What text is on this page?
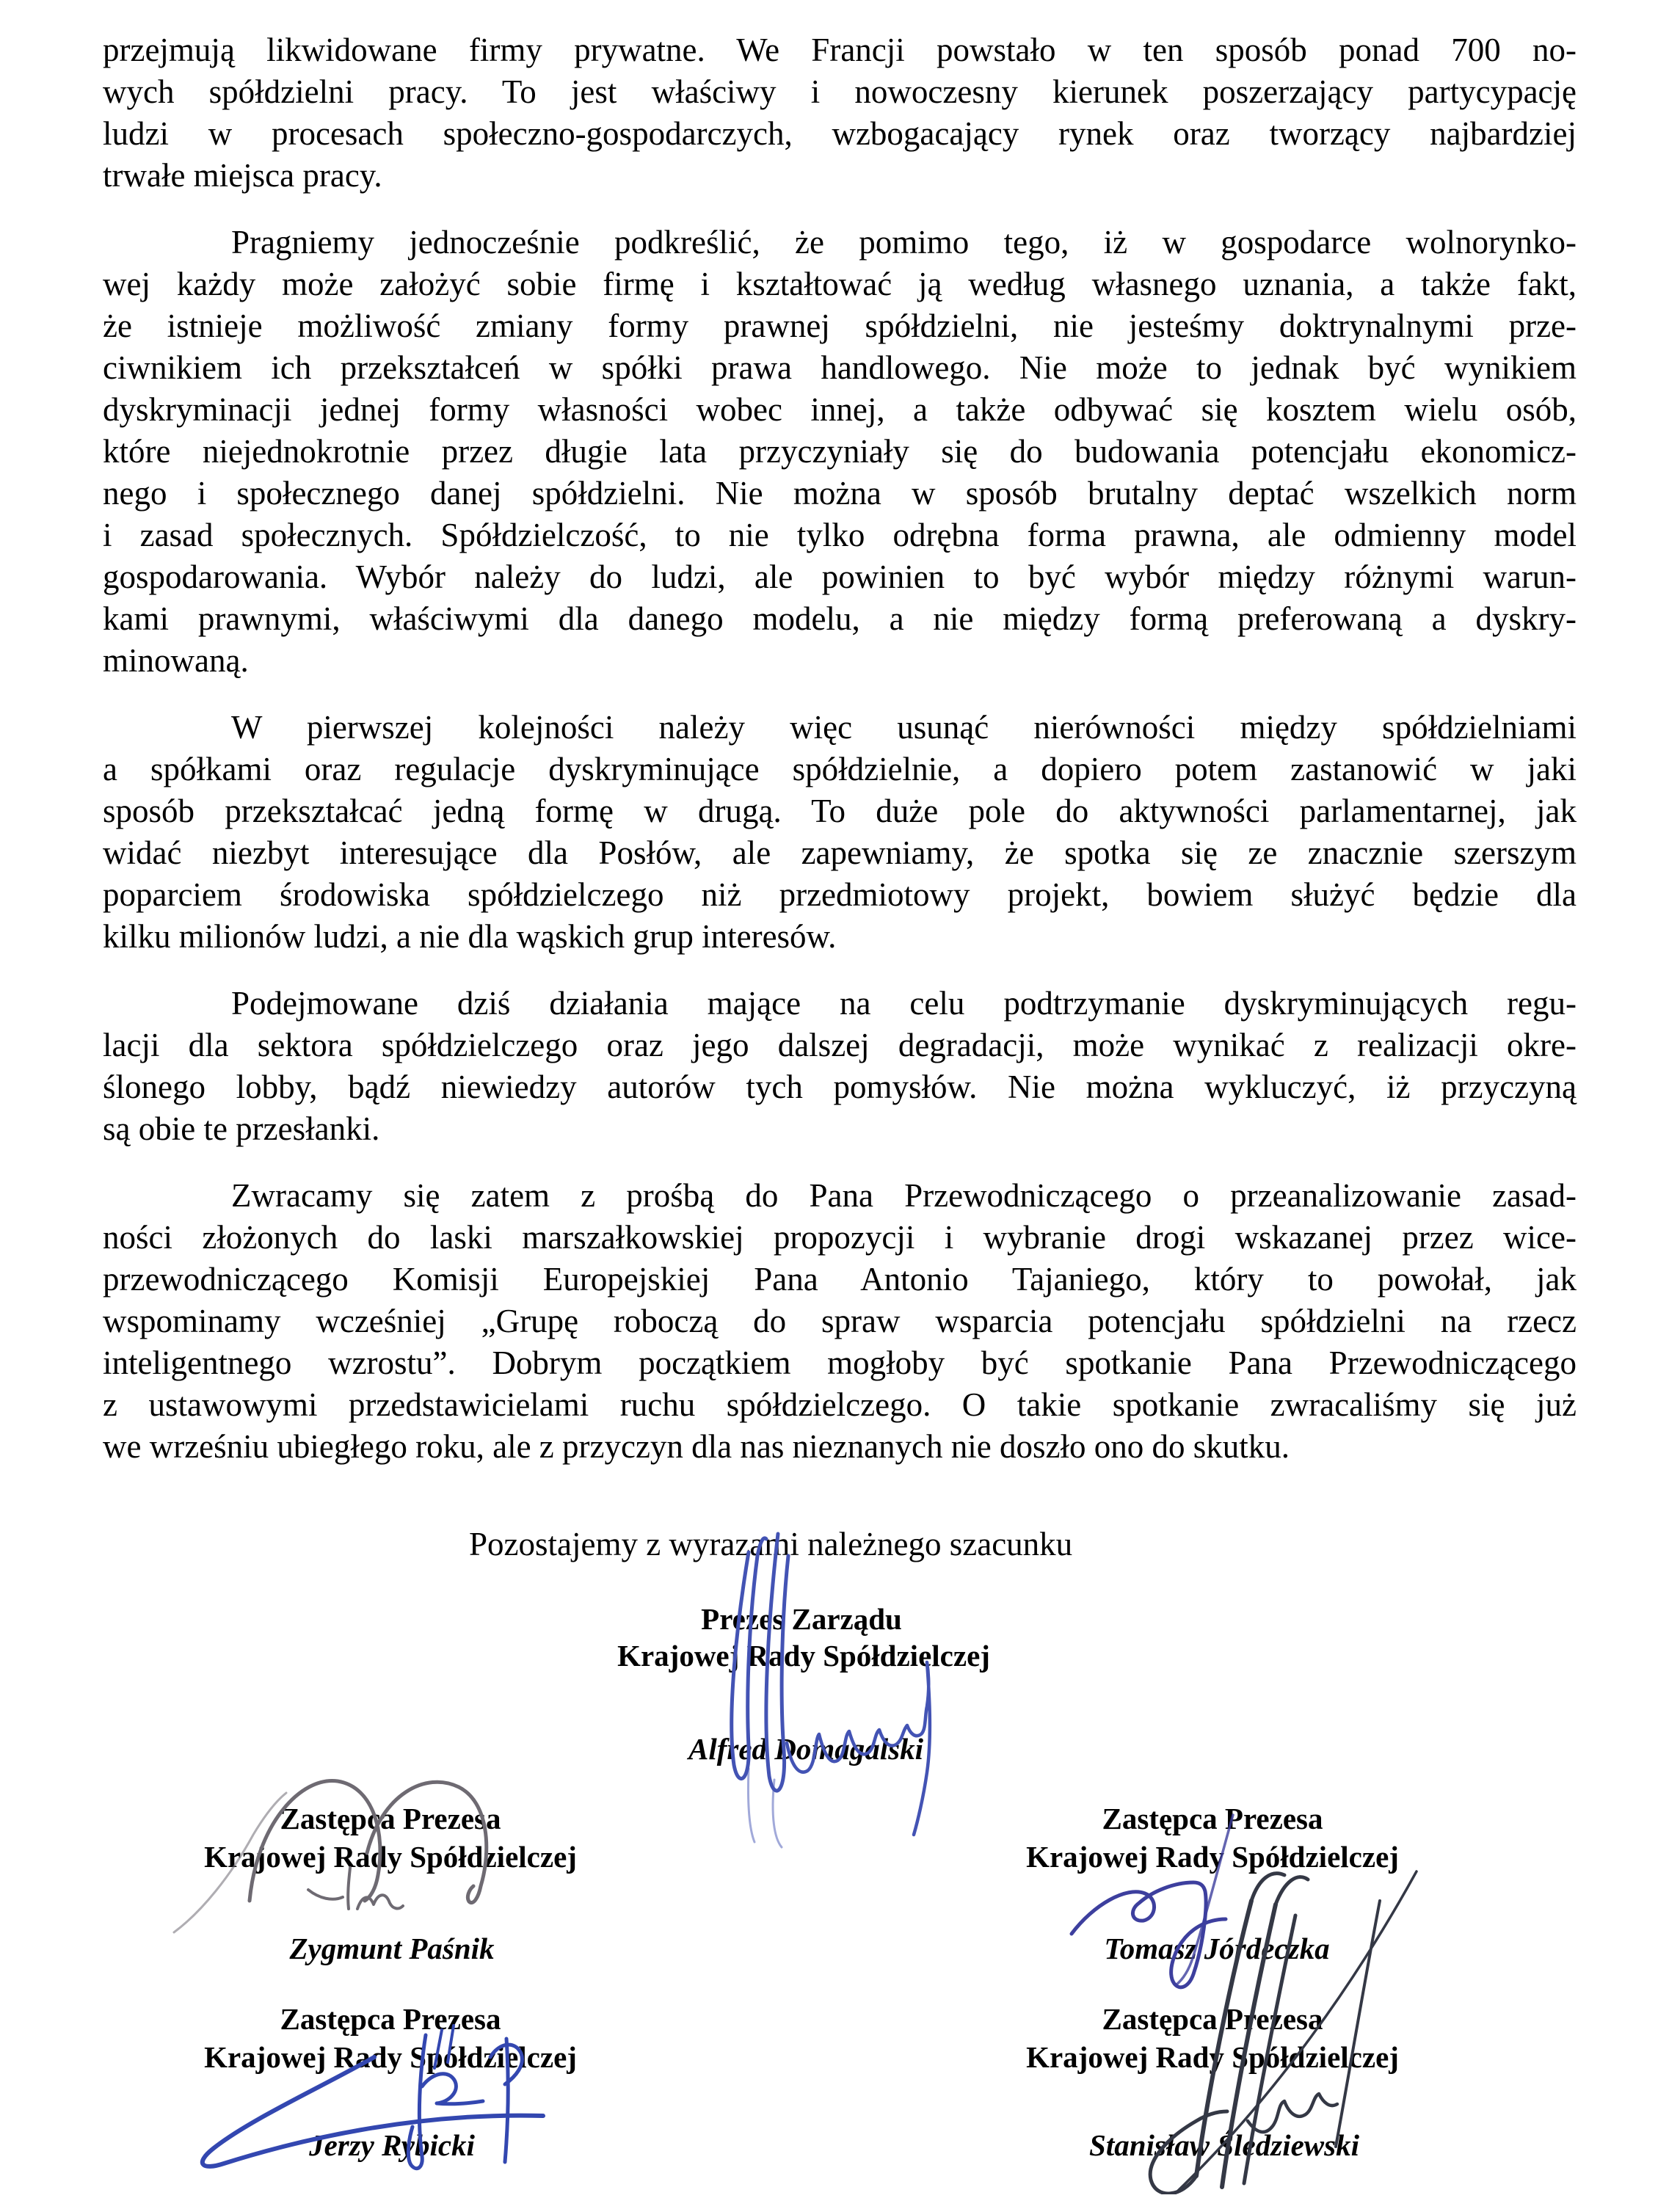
przejmują likwidowane firmy prywatne. We Francji powstało w ten sposób ponad 700 no-
wych spółdzielni pracy. To jest właściwy i nowoczesny kierunek poszerzający partycypację
ludzi w procesach społeczno-gospodarczych, wzbogacający rynek oraz tworzący najbardziej
trwałe miejsca pracy.
Pragniemy jednocześnie podkreślić, że pomimo tego, iż w gospodarce wolnorynko-
wej każdy może założyć sobie firmę i kształtować ją według własnego uznania, a także fakt,
że istnieje możliwość zmiany formy prawnej spółdzielni, nie jesteśmy doktrynalnymi prze-
ciwnikiem ich przekształceń w spółki prawa handlowego. Nie może to jednak być wynikiem
dyskryminacji jednej formy własności wobec innej, a także odbywać się kosztem wielu osób,
które niejednokrotnie przez długie lata przyczyniały się do budowania potencjału ekonomicz-
nego i społecznego danej spółdzielni. Nie można w sposób brutalny deptać wszelkich norm
i zasad społecznych. Spółdzielczość, to nie tylko odrębna forma prawna, ale odmienny model
gospodarowania. Wybór należy do ludzi, ale powinien to być wybór między różnymi warun-
kami prawnymi, właściwymi dla danego modelu, a nie między formą preferowaną a dyskry-
minowaną.
W pierwszej kolejności należy więc usunąć nierówności między spółdzielniami
a spółkami oraz regulacje dyskryminujące spółdzielnie, a dopiero potem zastanowić w jaki
sposób przekształcać jedną formę w drugą. To duże pole do aktywności parlamentarnej, jak
widać niezbyt interesujące dla Posłów, ale zapewniamy, że spotka się ze znacznie szerszym
poparciem środowiska spółdzielczego niż przedmiotowy projekt, bowiem służyć będzie dla
kilku milionów ludzi, a nie dla wąskich grup interesów.
Podejmowane dziś działania mające na celu podtrzymanie dyskryminujących regu-
lacji dla sektora spółdzielczego oraz jego dalszej degradacji, może wynikać z realizacji okre-
ślonego lobby, bądź niewiedzy autorów tych pomysłów. Nie można wykluczyć, iż przyczyną
są obie te przesłanki.
Zwracamy się zatem z prośbą do Pana Przewodniczącego o przeanalizowanie zasad-
ności złożonych do laski marszałkowskiej propozycji i wybranie drogi wskazanej przez wice-
przewodniczącego Komisji Europejskiej Pana Antonio Tajaniego, który to powołał, jak
wspominamy wcześniej „Grupę roboczą do spraw wsparcia potencjału spółdzielni na rzecz
inteligentnego wzrostu”. Dobrym początkiem mogłoby być spotkanie Pana Przewodniczącego
z ustawowymi przedstawicielami ruchu spółdzielczego. O takie spotkanie zwracaliśmy się już
we wrześniu ubiegłego roku, ale z przyczyn dla nas nieznanych nie doszło ono do skutku.
Pozostajemy z wyrazami należnego szacunku
Prezes Zarządu
Krajowej Rady Spółdzielczej
Alfred Domagalski
Zastępca Prezesa
Krajowej Rady Spółdzielczej
Zygmunt Paśnik
Zastępca Prezesa
Krajowej Rady Spółdzielczej
Tomasz Jórdeczka
Zastępca Prezesa
Krajowej Rady Spółdzielczej
Jerzy Rybicki
Zastępca Prezesa
Krajowej Rady Spółdzielczej
Stanisław Śledziewski
